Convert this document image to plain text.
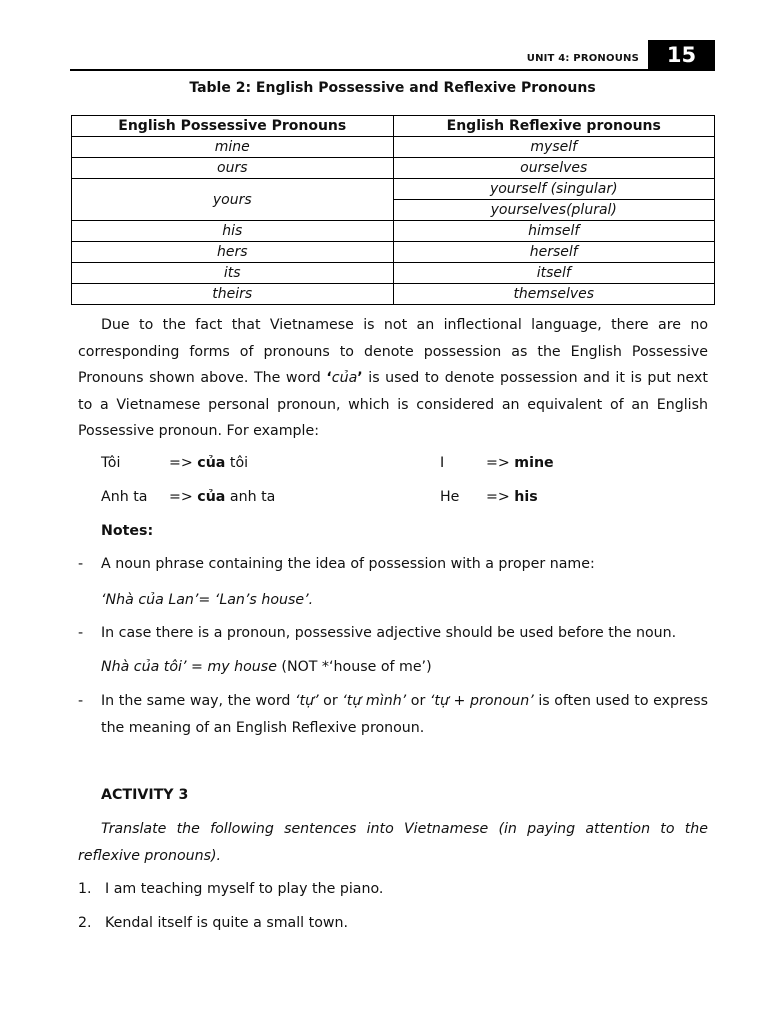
UNIT 4: PRONOUNS	15
Table 2: English Possessive and Reflexive Pronouns
English Possessive Pronouns	English Reflexive pronouns
mine	myself
ours	ourselves
yours	yourself (singular)
	yourselves(plural)
his	himself
hers	herself
its	itself
theirs	themselves
Due to the fact that Vietnamese is not an inflectional language, there are no corresponding forms of pronouns to denote possession as the English Possessive Pronouns shown above. The word ‘của’ is used to denote possession and it is put next to a Vietnamese personal pronoun, which is considered an equivalent of an English Possessive pronoun. For example:
Tôi	=> của tôi	I	=> mine
Anh ta => của anh ta	He => his
Notes:
- A noun phrase containing the idea of possession with a proper name:
‘Nhà của Lan’= ‘Lan’s house’.
- In case there is a pronoun, possessive adjective should be used before the noun.
Nhà của tôi’ = my house (NOT *‘house of me’)
- In the same way, the word ‘tự’ or ‘tự mình’ or ‘tự + pronoun’ is often used to express the meaning of an English Reflexive pronoun.
ACTIVITY 3
Translate the following sentences into Vietnamese (in paying attention to the reflexive pronouns).
1. I am teaching myself to play the piano.
2. Kendal itself is quite a small town.
